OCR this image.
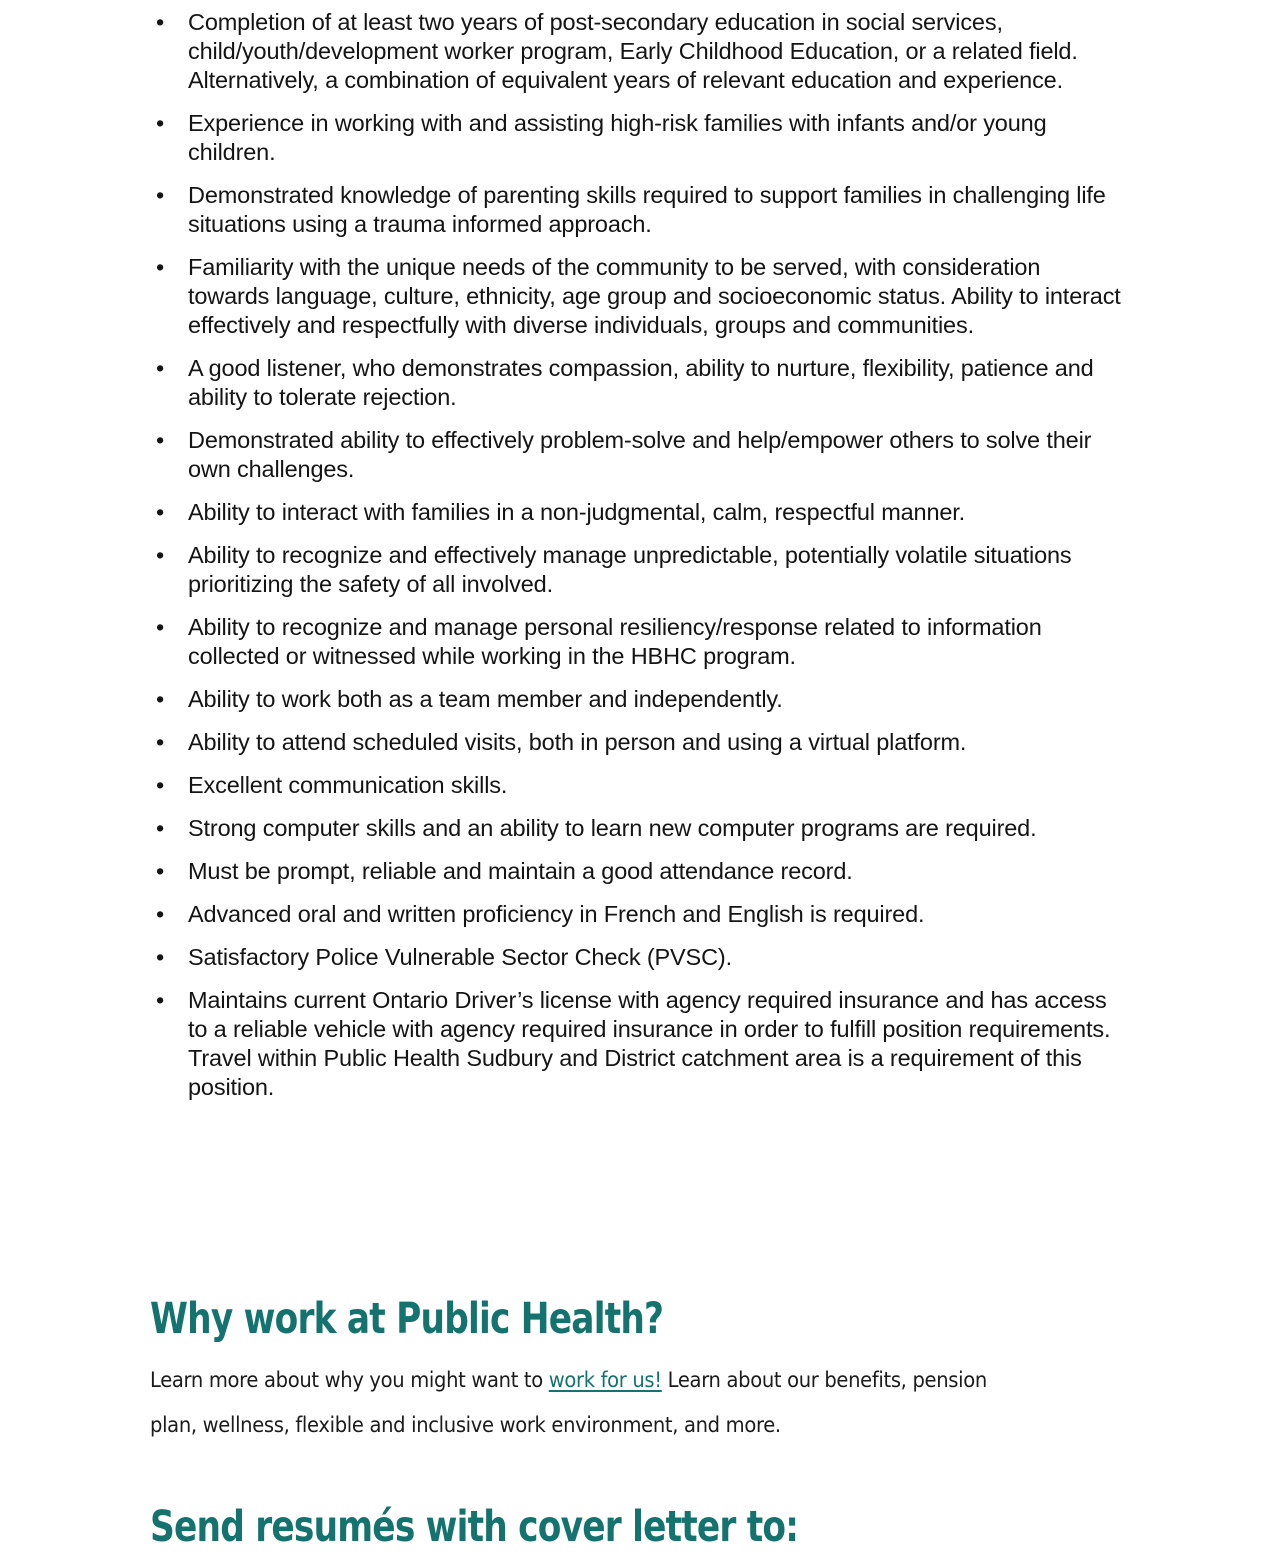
• Completion of at least two years of post-secondary education in social services, child/youth/development worker program, Early Childhood Education, or a related field. Alternatively, a combination of equivalent years of relevant education and experience.
• Experience in working with and assisting high-risk families with infants and/or young children.
• Demonstrated knowledge of parenting skills required to support families in challenging life situations using a trauma informed approach.
• Familiarity with the unique needs of the community to be served, with consideration towards language, culture, ethnicity, age group and socioeconomic status. Ability to interact effectively and respectfully with diverse individuals, groups and communities.
• A good listener, who demonstrates compassion, ability to nurture, flexibility, patience and ability to tolerate rejection.
• Demonstrated ability to effectively problem-solve and help/empower others to solve their own challenges.
• Ability to interact with families in a non-judgmental, calm, respectful manner.
• Ability to recognize and effectively manage unpredictable, potentially volatile situations prioritizing the safety of all involved.
• Ability to recognize and manage personal resiliency/response related to information collected or witnessed while working in the HBHC program.
• Ability to work both as a team member and independently.
• Ability to attend scheduled visits, both in person and using a virtual platform.
• Excellent communication skills.
• Strong computer skills and an ability to learn new computer programs are required.
• Must be prompt, reliable and maintain a good attendance record.
• Advanced oral and written proficiency in French and English is required.
• Satisfactory Police Vulnerable Sector Check (PVSC).
• Maintains current Ontario Driver’s license with agency required insurance and has access to a reliable vehicle with agency required insurance in order to fulfill position requirements. Travel within Public Health Sudbury and District catchment area is a requirement of this position.
Why work at Public Health?

Learn more about why you might want to work for us! Learn about our benefits, pension plan, wellness, flexible and inclusive work environment, and more.

Send resumés with cover letter to:
